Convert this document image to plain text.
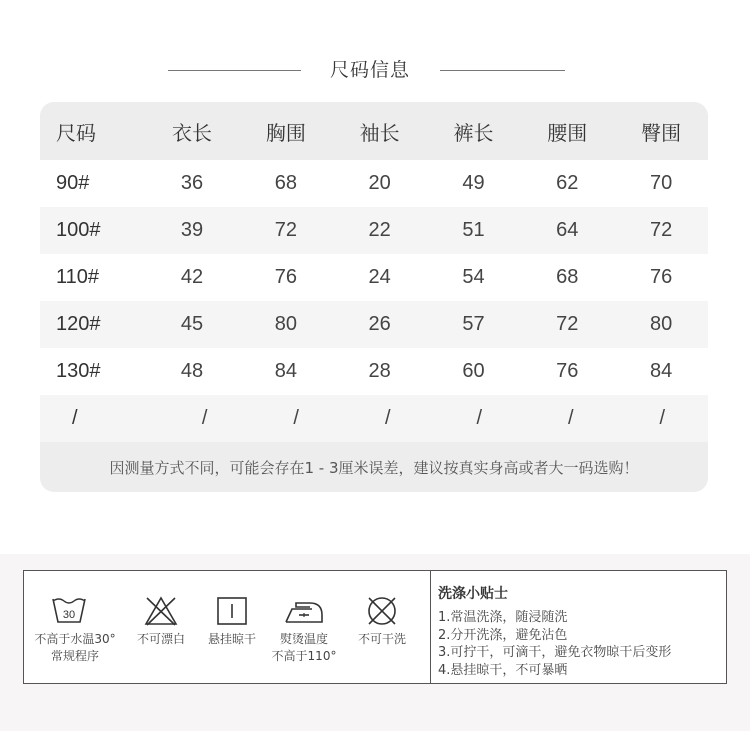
尺码信息
尺码	衣长	胸围	袖长	裤长	腰围	臀围
90#	36	68	20	49	62	70
100#	39	72	22	51	64	72
110#	42	76	24	54	68	76
120#	45	80	26	57	72	80
130#	48	84	28	60	76	84
/	/	/	/	/	/	/
因测量方式不同，可能会存在1 - 3厘米误差，建议按真实身高或者大一码选购！
30
不高于水温30°
常规程序
不可漂白	悬挂晾干	熨烫温度
不高于110°
不可干洗
洗涤小贴士
1.常温洗涤，随浸随洗
2.分开洗涤，避免沾色
3.可拧干，可滴干，避免衣物晾干后变形
4.悬挂晾干，不可暴晒
